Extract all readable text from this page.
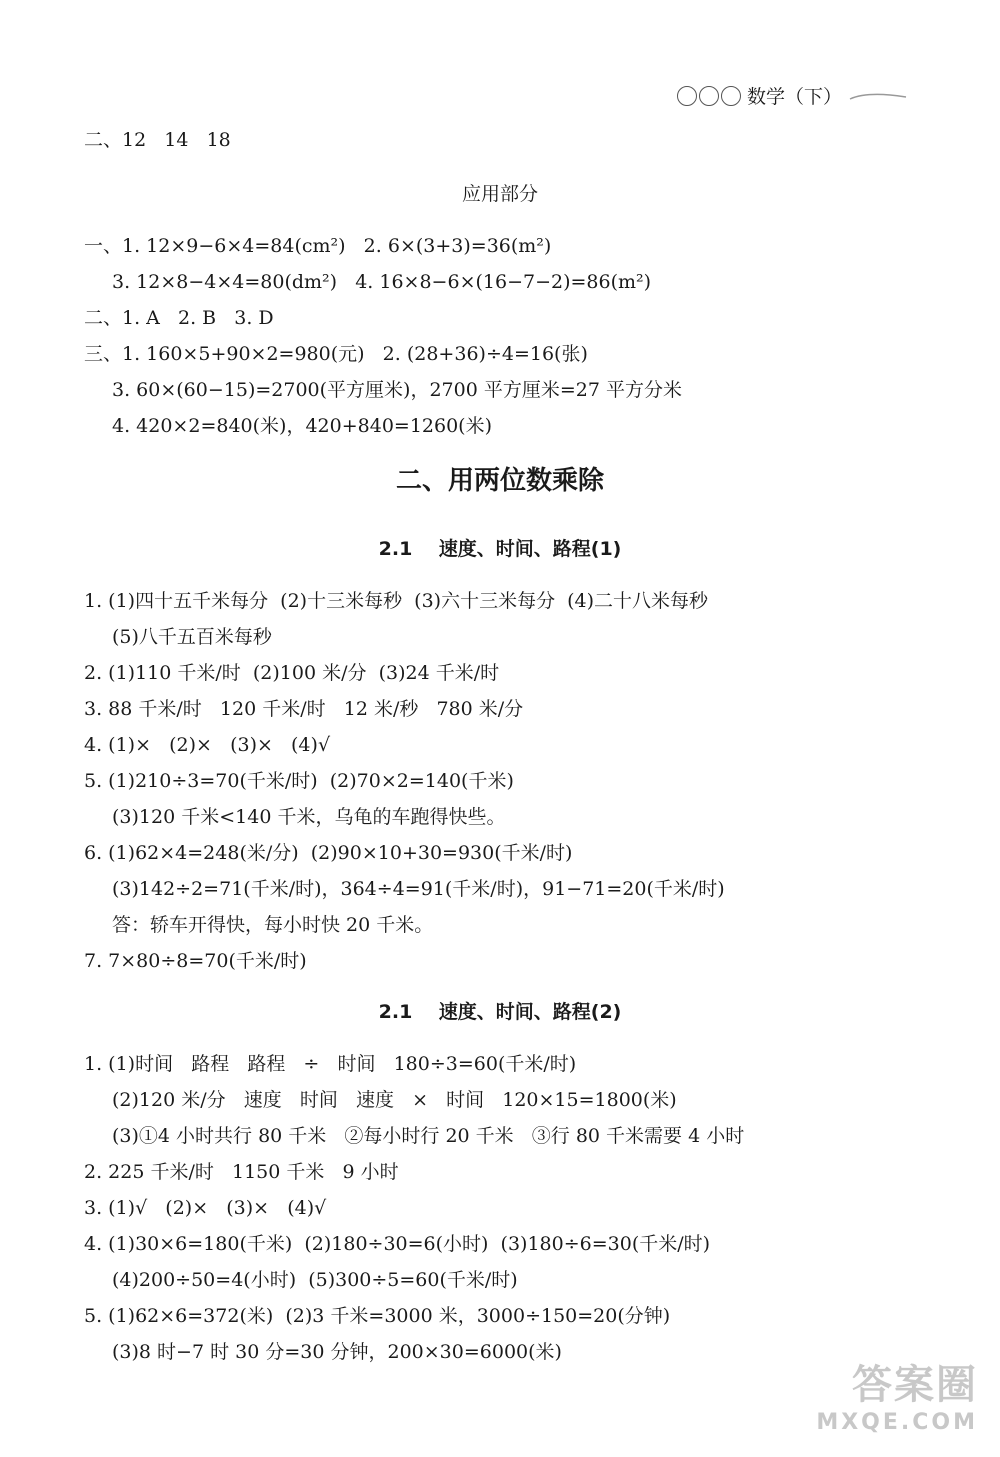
数学（下）
二、12   14   18
应用部分
一、1. 12×9−6×4=84(cm²)   2. 6×(3+3)=36(m²)
3. 12×8−4×4=80(dm²)   4. 16×8−6×(16−7−2)=86(m²)
二、1. A   2. B   3. D
三、1. 160×5+90×2=980(元)   2. (28+36)÷4=16(张)
3. 60×(60−15)=2700(平方厘米)，2700 平方厘米=27 平方分米
4. 420×2=840(米)，420+840=1260(米)
二、用两位数乘除
2.1    速度、时间、路程(1)
1. (1)四十五千米每分  (2)十三米每秒  (3)六十三米每分  (4)二十八米每秒
(5)八千五百米每秒
2. (1)110 千米/时  (2)100 米/分  (3)24 千米/时
3. 88 千米/时   120 千米/时   12 米/秒   780 米/分
4. (1)×   (2)×   (3)×   (4)√
5. (1)210÷3=70(千米/时)  (2)70×2=140(千米)
(3)120 千米<140 千米，乌龟的车跑得快些。
6. (1)62×4=248(米/分)  (2)90×10+30=930(千米/时)
(3)142÷2=71(千米/时)，364÷4=91(千米/时)，91−71=20(千米/时)
答：轿车开得快，每小时快 20 千米。
7. 7×80÷8=70(千米/时)
2.1    速度、时间、路程(2)
1. (1)时间   路程   路程   ÷   时间   180÷3=60(千米/时)
(2)120 米/分   速度   时间   速度   ×   时间   120×15=1800(米)
(3)①4 小时共行 80 千米   ②每小时行 20 千米   ③行 80 千米需要 4 小时
2. 225 千米/时   1150 千米   9 小时
3. (1)√   (2)×   (3)×   (4)√
4. (1)30×6=180(千米)  (2)180÷30=6(小时)  (3)180÷6=30(千米/时)
(4)200÷50=4(小时)  (5)300÷5=60(千米/时)
5. (1)62×6=372(米)  (2)3 千米=3000 米，3000÷150=20(分钟)
(3)8 时−7 时 30 分=30 分钟，200×30=6000(米)
答案圈
MXQE.COM
